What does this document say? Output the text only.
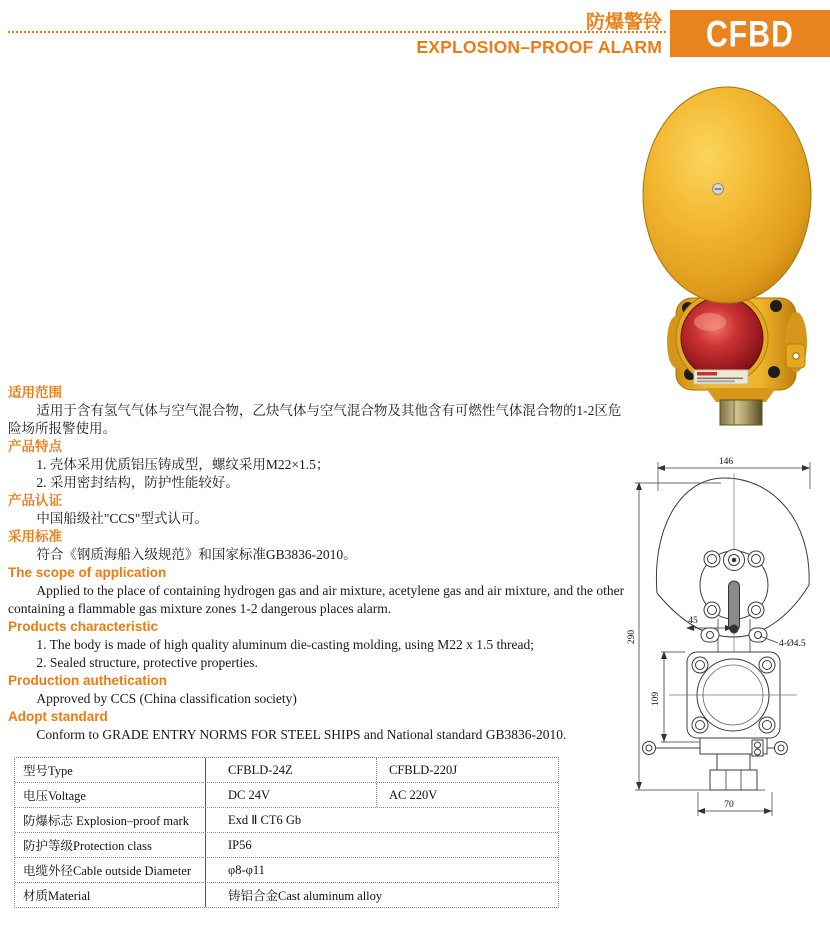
防爆警铃
EXPLOSION–PROOF ALARM CFBD
适用范围
适用于含有氢气气体与空气混合物，乙炔气体与空气混合物及其他含有可燃性气体混合物的1-2区危险场所报警使用。
产品特点
1. 壳体采用优质铝压铸成型，螺纹采用M22×1.5；
2. 采用密封结构，防护性能较好。
产品认证
中国船级社"CCS"型式认可。
采用标准
符合《钢质海船入级规范》和国家标准GB3836-2010。
The scope of application
Applied to the place of containing hydrogen gas and air mixture, acetylene gas and air mixture, and the other containing a flammable gas mixture zones 1-2 dangerous places alarm.
Products characteristic
1. The body is made of high quality aluminum die-casting molding, using M22 x 1.5 thread;
2. Sealed structure, protective properties.
Production authetication
Approved by CCS (China classification society)
Adopt standard
Conform to GRADE ENTRY NORMS FOR STEEL SHIPS and National standard GB3836-2010.
型号Type	CFBLD-24Z	CFBLD-220J
电压Voltage	DC 24V	AC 220V
防爆标志 Explosion–proof mark	Exd Ⅱ CT6 Gb
防护等级Protection class	IP56
电缆外径Cable outside Diameter	φ8-φ11
材质Material	铸铝合金Cast aluminum alloy
146
290
45
4-Ø4.5
109
70
